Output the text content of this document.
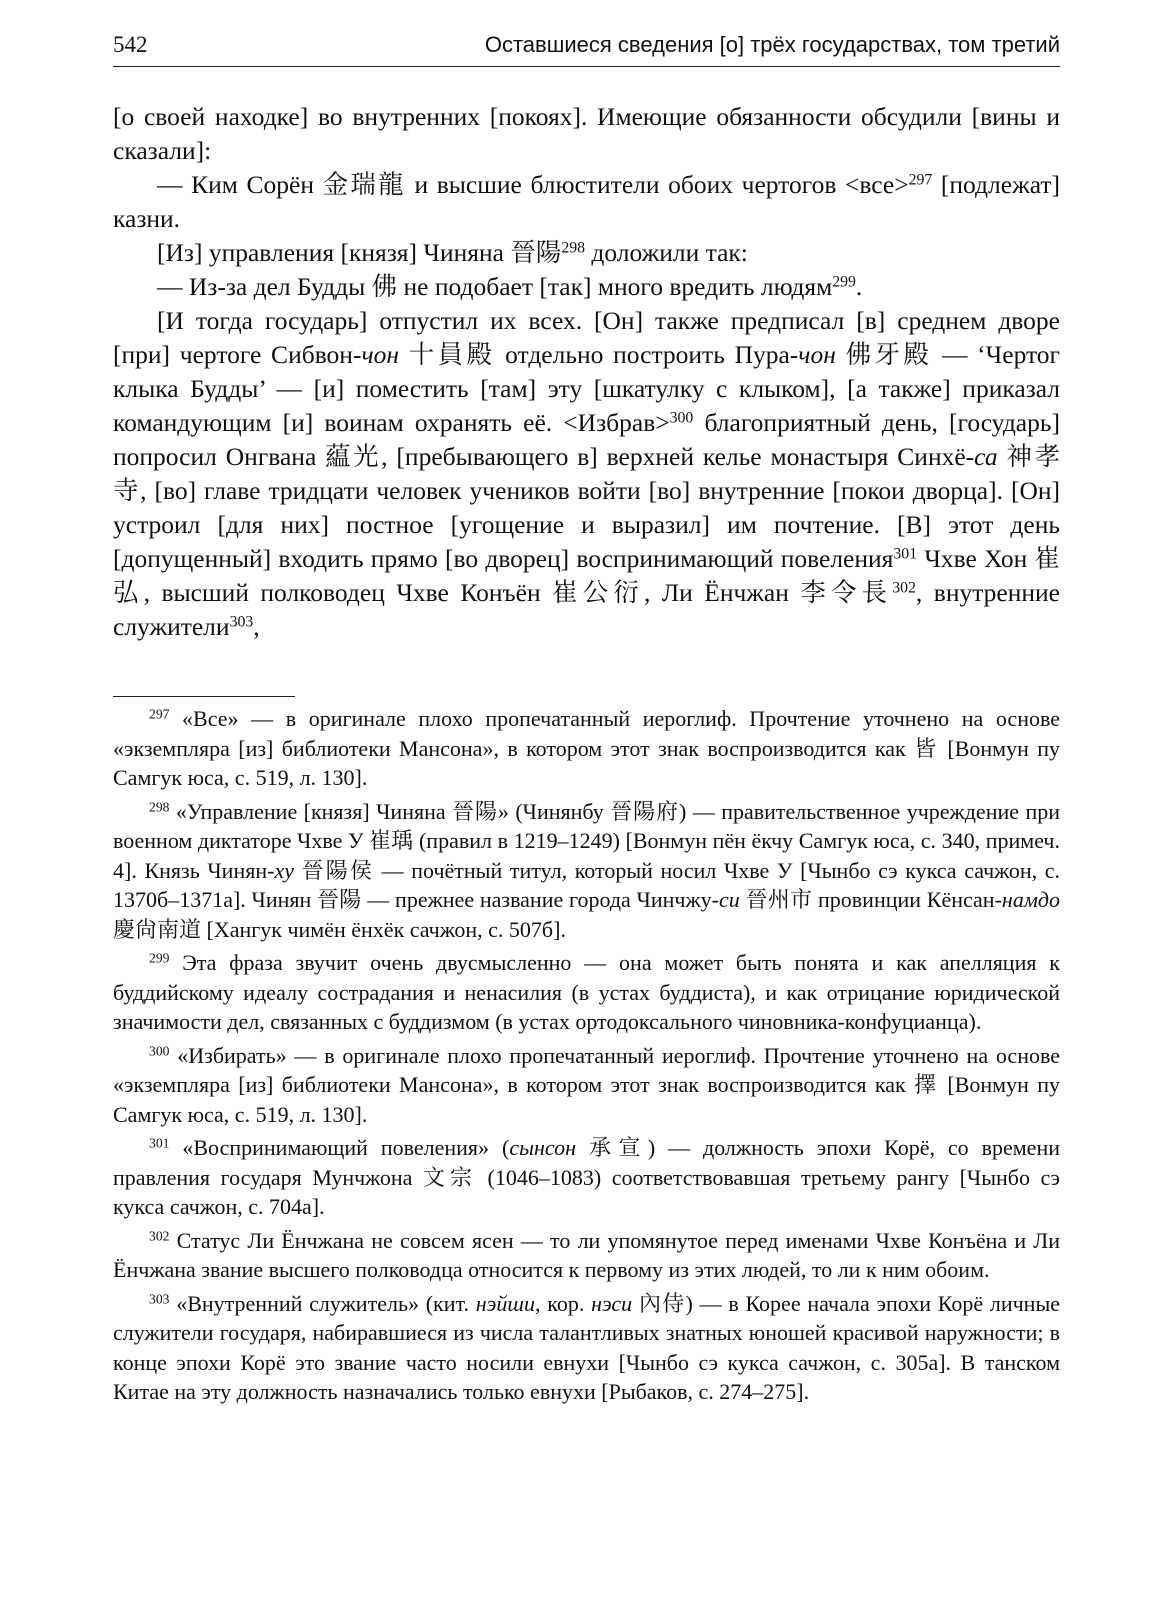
542	Оставшиеся сведения [о] трёх государствах, том третий

[о своей находке] во внутренних [покоях]. Имеющие обязанности обсудили [вины и сказали]:

— Ким Сорён 金瑞龍 и высшие блюстители обоих чертогов <все>$^{297}$ [подлежат] казни.

[Из] управления [князя] Чиняна 晉陽$^{298}$ доложили так:

— Из-за дел Будды 佛 не подобает [так] много вредить людям$^{299}$.

[И тогда государь] отпустил их всех. [Он] также предписал [в] среднем дворе [при] чертоге Сибвон-чон 十員殿 отдельно построить Пура-чон 佛牙殿 — ‘Чертог клыка Будды’ — [и] поместить [там] эту [шкатулку с клыком], [а также] приказал командующим [и] воинам охранять её. <Избрав>$^{300}$ благоприятный день, [государь] попросил Онгвана 藴光, [пребывающего в] верхней келье монастыря Синхё-са 神孝寺, [во] главе тридцати человек учеников войти [во] внутренние [покои дворца]. [Он] устроил [для них] постное [угощение и выразил] им почтение. [В] этот день [допущенный] входить прямо [во дворец] воспринимающий повеления$^{301}$ Чхве Хон 崔弘, высший полководец Чхве Конъён 崔公衍, Ли Ёнчжан 李令長$^{302}$, внутренние служители$^{303}$,

$^{297}$ «Все» — в оригинале плохо пропечатанный иероглиф. Прочтение уточнено на основе «экземпляра [из] библиотеки Мансона», в котором этот знак воспроизводится как 皆 [Вонмун пу Самгук юса, с. 519, л. 130].

$^{298}$ «Управление [князя] Чиняна 晉陽» (Чинянбу 晉陽府) — правительственное учреждение при военном диктаторе Чхве У 崔瑀 (правил в 1219–1249) [Вонмун пён ёкчу Самгук юса, с. 340, примеч. 4]. Князь Чинян-ху 晉陽侯 — почётный титул, который носил Чхве У [Чынбо сэ кукса сачжон, с. 1370б–1371а]. Чинян 晉陽 — прежнее название города Чинчжу-си 晉州市 провинции Кёнсан-намдо 慶尙南道 [Хангук чимён ёнхёк сачжон, с. 507б].

$^{299}$ Эта фраза звучит очень двусмысленно — она может быть понята и как апелляция к буддийскому идеалу сострадания и ненасилия (в устах буддиста), и как отрицание юридической значимости дел, связанных с буддизмом (в устах ортодоксального чиновника-конфуцианца).

$^{300}$ «Избирать» — в оригинале плохо пропечатанный иероглиф. Прочтение уточнено на основе «экземпляра [из] библиотеки Мансона», в котором этот знак воспроизводится как 擇 [Вонмун пу Самгук юса, с. 519, л. 130].

$^{301}$ «Воспринимающий повеления» (сынсон 承宣) — должность эпохи Корё, со времени правления государя Мунчжона 文宗 (1046–1083) соответствовавшая третьему рангу [Чынбо сэ кукса сачжон, с. 704а].

$^{302}$ Статус Ли Ёнчжана не совсем ясен — то ли упомянутое перед именами Чхве Конъёна и Ли Ёнчжана звание высшего полководца относится к первому из этих людей, то ли к ним обоим.

$^{303}$ «Внутренний служитель» (кит. нэйши, кор. нэси 內侍) — в Корее начала эпохи Корё личные служители государя, набиравшиеся из числа талантливых знатных юношей красивой наружности; в конце эпохи Корё это звание часто носили евнухи [Чынбо сэ кукса сачжон, с. 305а]. В танском Китае на эту должность назначались только евнухи [Рыбаков, с. 274–275].
